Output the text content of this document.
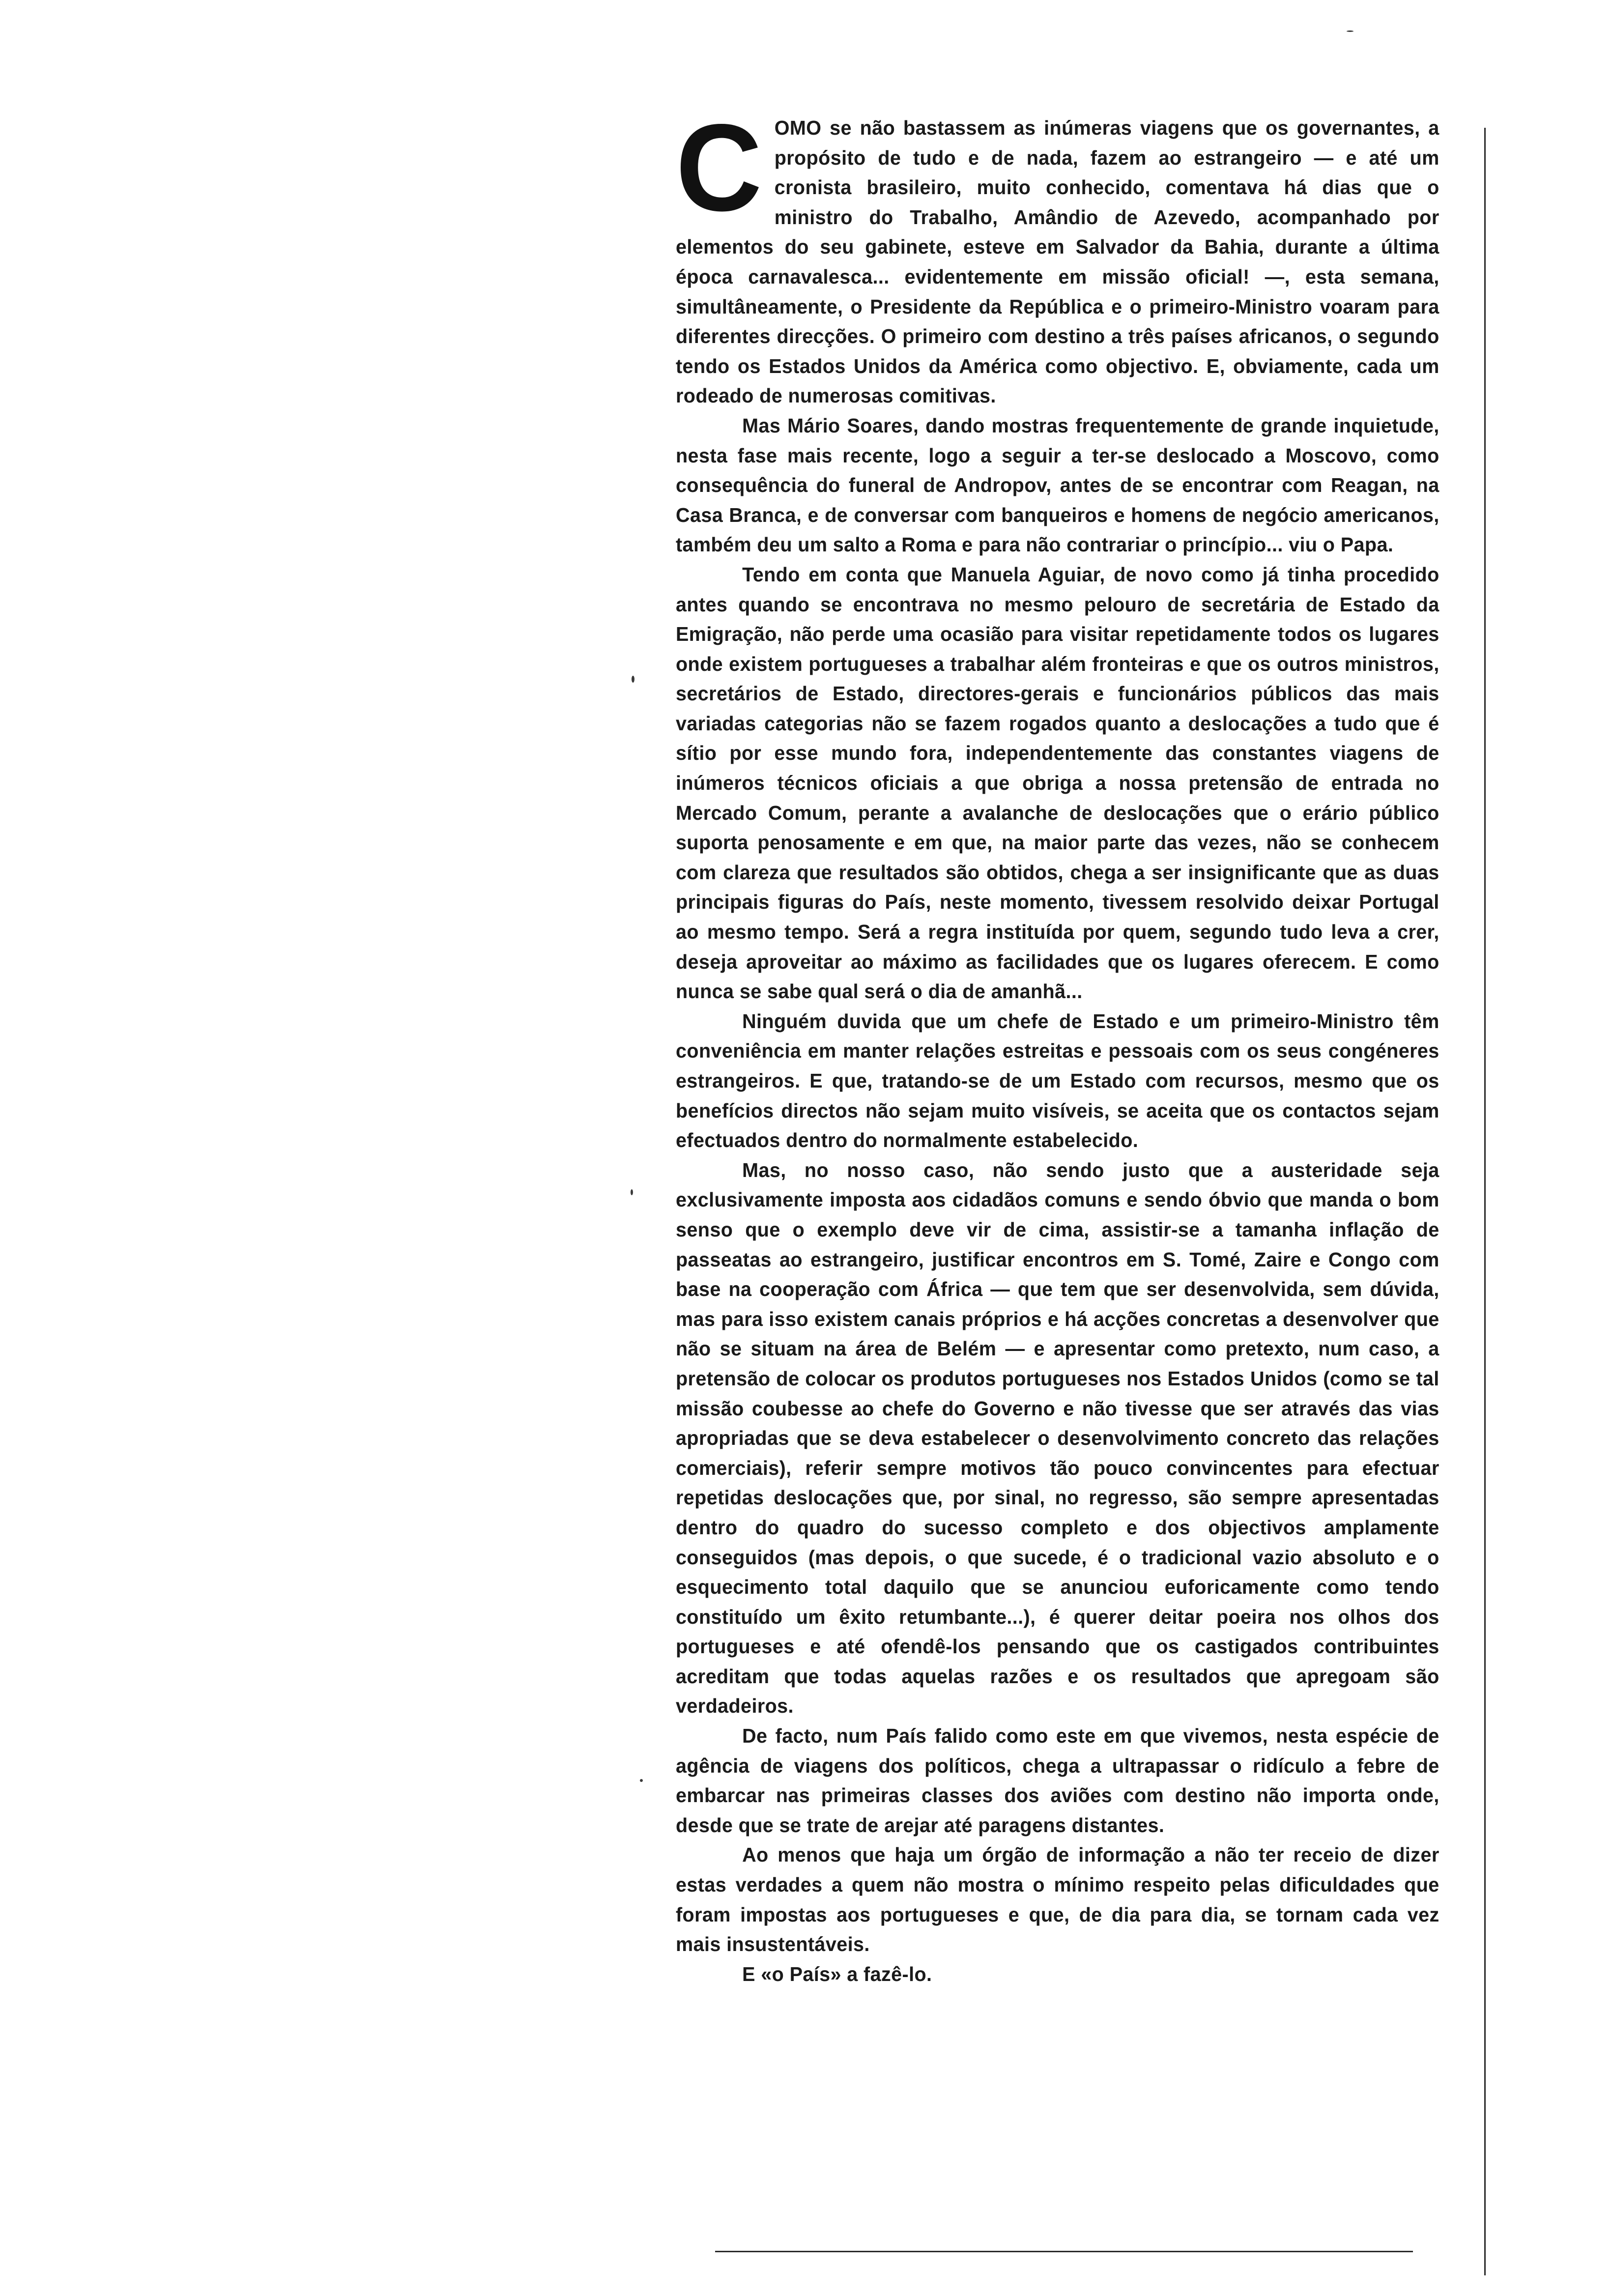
COMO se não bastassem as inúmeras viagens que os governantes, a propósito de tudo e de nada, fazem ao estrangeiro — e até um cronista brasileiro, muito conhecido, comentava há dias que o ministro do Trabalho, Amândio de Azevedo, acompanhado por elementos do seu gabinete, esteve em Salvador da Bahia, durante a última época carnavalesca... evidentemente em missão oficial! —, esta semana, simultâneamente, o Presidente da República e o primeiro-Ministro voaram para diferentes direcções. O primeiro com destino a três países africanos, o segundo tendo os Estados Unidos da América como objectivo. E, obviamente, cada um rodeado de numerosas comitivas.

Mas Mário Soares, dando mostras frequentemente de grande inquietude, nesta fase mais recente, logo a seguir a ter-se deslocado a Moscovo, como consequência do funeral de Andropov, antes de se encontrar com Reagan, na Casa Branca, e de conversar com banqueiros e homens de negócio americanos, também deu um salto a Roma e para não contrariar o princípio... viu o Papa.

Tendo em conta que Manuela Aguiar, de novo como já tinha procedido antes quando se encontrava no mesmo pelouro de secretária de Estado da Emigração, não perde uma ocasião para visitar repetidamente todos os lugares onde existem portugueses a trabalhar além fronteiras e que os outros ministros, secretários de Estado, directores-gerais e funcionários públicos das mais variadas categorias não se fazem rogados quanto a deslocações a tudo que é sítio por esse mundo fora, independentemente das constantes viagens de inúmeros técnicos oficiais a que obriga a nossa pretensão de entrada no Mercado Comum, perante a avalanche de deslocações que o erário público suporta penosamente e em que, na maior parte das vezes, não se conhecem com clareza que resultados são obtidos, chega a ser insignificante que as duas principais figuras do País, neste momento, tivessem resolvido deixar Portugal ao mesmo tempo. Será a regra instituída por quem, segundo tudo leva a crer, deseja aproveitar ao máximo as facilidades que os lugares oferecem. E como nunca se sabe qual será o dia de amanhã...

Ninguém duvida que um chefe de Estado e um primeiro-Ministro têm conveniência em manter relações estreitas e pessoais com os seus congéneres estrangeiros. E que, tratando-se de um Estado com recursos, mesmo que os benefícios directos não sejam muito visíveis, se aceita que os contactos sejam efectuados dentro do normalmente estabelecido.

Mas, no nosso caso, não sendo justo que a austeridade seja exclusivamente imposta aos cidadãos comuns e sendo óbvio que manda o bom senso que o exemplo deve vir de cima, assistir-se a tamanha inflação de passeatas ao estrangeiro, justificar encontros em S. Tomé, Zaire e Congo com base na cooperação com África — que tem que ser desenvolvida, sem dúvida, mas para isso existem canais próprios e há acções concretas a desenvolver que não se situam na área de Belém — e apresentar como pretexto, num caso, a pretensão de colocar os produtos portugueses nos Estados Unidos (como se tal missão coubesse ao chefe do Governo e não tivesse que ser através das vias apropriadas que se deva estabelecer o desenvolvimento concreto das relações comerciais), referir sempre motivos tão pouco convincentes para efectuar repetidas deslocações que, por sinal, no regresso, são sempre apresentadas dentro do quadro do sucesso completo e dos objectivos amplamente conseguidos (mas depois, o que sucede, é o tradicional vazio absoluto e o esquecimento total daquilo que se anunciou euforicamente como tendo constituído um êxito retumbante...), é querer deitar poeira nos olhos dos portugueses e até ofendê-los pensando que os castigados contribuintes acreditam que todas aquelas razões e os resultados que apregoam são verdadeiros.

De facto, num País falido como este em que vivemos, nesta espécie de agência de viagens dos políticos, chega a ultrapassar o ridículo a febre de embarcar nas primeiras classes dos aviões com destino não importa onde, desde que se trate de arejar até paragens distantes.

Ao menos que haja um órgão de informação a não ter receio de dizer estas verdades a quem não mostra o mínimo respeito pelas dificuldades que foram impostas aos portugueses e que, de dia para dia, se tornam cada vez mais insustentáveis.

E «o País» a fazê-lo.
